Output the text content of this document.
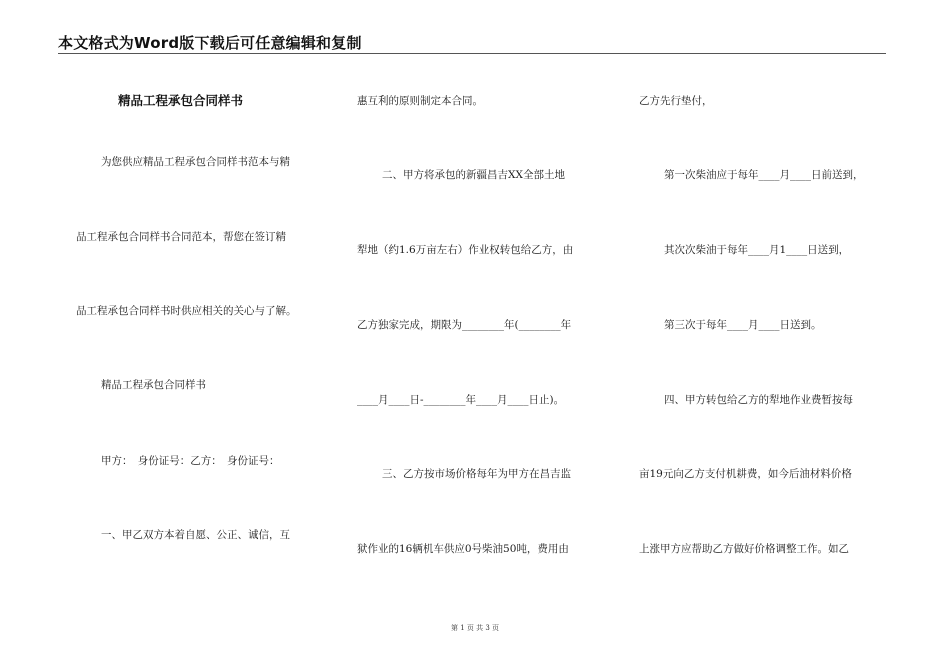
本文格式为Word版下载后可任意编辑和复制
精品工程承包合同样书
为您供应精品工程承包合同样书范本与精
品工程承包合同样书合同范本，帮您在签订精
品工程承包合同样书时供应相关的关心与了解。
精品工程承包合同样书
甲方：　身份证号：乙方：　身份证号：
一、甲乙双方本着自愿、公正、诚信，互
惠互利的原则制定本合同。
二、甲方将承包的新疆昌吉XX全部土地
犁地（约1.6万亩左右）作业权转包给乙方，由
乙方独家完成，期限为________年(________年
____月____日-________年____月____日止)。
三、乙方按市场价格每年为甲方在昌吉监
狱作业的16辆机车供应0号柴油50吨，费用由
乙方先行垫付，
第一次柴油应于每年____月____日前送到，
其次次柴油于每年____月1____日送到，
第三次于每年____月____日送到。
四、甲方转包给乙方的犁地作业费暂按每
亩19元向乙方支付机耕费，如今后油材料价格
上涨甲方应帮助乙方做好价格调整工作。如乙
第 1 页 共 3 页
